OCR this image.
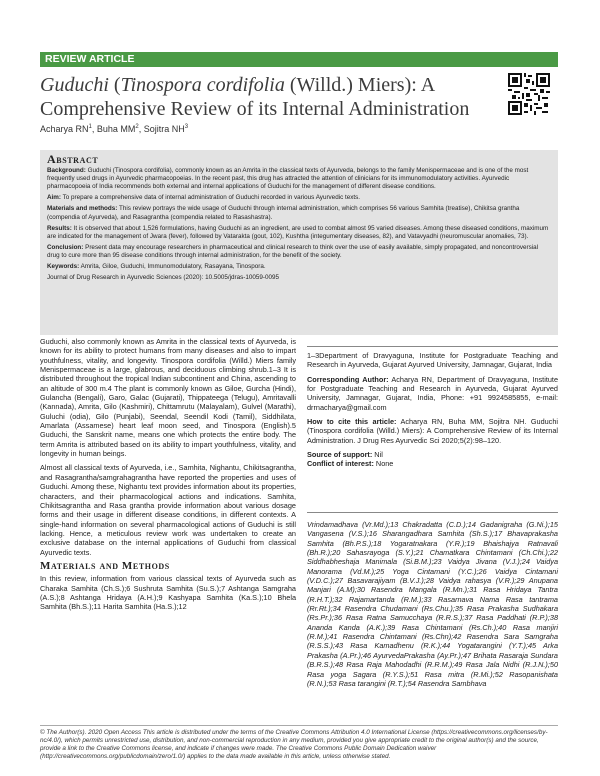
REVIEW ARTICLE
Guduchi (Tinospora cordifolia (Willd.) Miers): A
Comprehensive Review of its Internal Administration
Acharya $RN^1$, Buha $MM^2$, Sojitra $NH^3$
Abstract

Background: Guduchi (Tinospora cordifolia), commonly known as an Amrita in the classical texts of Ayurveda, belongs to the family Menispermaceae and is one of the most frequently used drugs in Ayurvedic pharmacopoeias. In the recent past, this drug has attracted the attention of clinicians for its immunomodulatory activities. Ayurvedic pharmacopoeia of India recommends both external and internal applications of Guduchi for the management of different disease conditions.

Aim: To prepare a comprehensive data of internal administration of Guduchi recorded in various Ayurvedic texts.

Materials and methods: This review portrays the wide usage of Guduchi through internal administration, which comprises 56 various Samhita (treatise), Chikitsa grantha (compendia of Ayurveda), and Rasagrantha (compendia related to Rasashastra).

Results: It is observed that about 1,526 formulations, having Guduchi as an ingredient, are used to combat almost 95 varied diseases. Among these diseased conditions, maximum are indicated for the management of Jwara (fever), followed by Vatarakta (gout, 102), Kushtha (integumentary diseases, 82), and Vatavyadhi (neuromuscular anomalies, 73).

Conclusion: Present data may encourage researchers in pharmaceutical and clinical research to think over the use of easily available, simply propagated, and noncontroversial drug to cure more than 95 disease conditions through internal administration, for the benefit of the society.

Keywords: Amrita, Giloe, Guduchi, Immunomodulatory, Rasayana, Tinospora.

Journal of Drug Research in Ayurvedic Sciences (2020): 10.5005/jdras-10059-0095

Guduchi, also commonly known as Amrita in the classical texts of Ayurveda, is known for its ability to protect humans from many diseases and also to impart youthfulness, vitality, and longevity. Tinospora cordifolia (Willd.) Miers family Menispermaceae is a large, glabrous, and deciduous climbing shrub.1–3 It is distributed throughout the tropical Indian subcontinent and China, ascending to an altitude of 300 m.4 The plant is commonly known as Giloe, Gurcha (Hindi), Gulancha (Bengali), Garo, Galac (Gujarati), Thippateega (Telugu), Amritavalli (Kannada), Amrita, Gilo (Kashmiri), Chittamrutu (Malayalam), Gulvel (Marathi), Guluchi (odia), Gilo (Punjabi), Seendal, Seendil Kodi (Tamil), Siddhilata, Amarlata (Assamese) heart leaf moon seed, and Tinospora (English).5 Guduchi, the Sanskrit name, means one which protects the entire body. The term Amrita is attributed based on its ability to impart youthfulness, vitality, and longevity in human beings.

Almost all classical texts of Ayurveda, i.e., Samhita, Nighantu, Chikitsagrantha, and Rasagrantha/samgrahagrantha have reported the properties and uses of Guduchi. Among these, Nighantu text provides information about its properties, characters, and their pharmacological actions and indications. Samhita, Chikitsagrantha and Rasa grantha provide information about various dosage forms and their usage in different disease conditions, in different contexts. A single-hand information on several pharmacological actions of Guduchi is still lacking. Hence, a meticulous review work was undertaken to create an exclusive database on the internal applications of Guduchi from classical Ayurvedic texts.

Materials and Methods

In this review, information from various classical texts of Ayurveda such as Charaka Samhita (Ch.S.);6 Sushruta Samhita (Su.S.);7 Ashtanga Samgraha (A.S.);8 Ashtanga Hridaya (A.H.);9 Kashyapa Samhita (Ka.S.);10 Bhela Samhita (Bh.S.);11 Harita Samhita (Ha.S.);12

1–3Department of Dravyaguna, Institute for Postgraduate Teaching and Research in Ayurveda, Gujarat Ayurved University, Jamnagar, Gujarat, India

Corresponding Author: Acharya RN, Department of Dravyaguna, Institute for Postgraduate Teaching and Research in Ayurveda, Gujarat Ayurved University, Jamnagar, Gujarat, India, Phone: +91 9924585855, e-mail: drrnacharya@gmail.com

How to cite this article: Acharya RN, Buha MM, Sojitra NH. Guduchi (Tinospora cordifolia (Willd.) Miers): A Comprehensive Review of its Internal Administration. J Drug Res Ayurvedic Sci 2020;5(2):98–120.

Source of support: Nil

Conflict of interest: None

Vrindamadhava (Vr.Md.);13 Chakradatta (C.D.);14 Gadanigraha (G.Ni.);15 Vangasena (V.S.);16 Sharangadhara Samhita (Sh.S.);17 Bhavaprakasha Samhita (Bh.P.S.);18 Yogaratnakara (Y.R.);19 Bhaishajya Ratnavali (Bh.R.);20 Sahasrayoga (S.Y.);21 Chamatkara Chintamani (Ch.Chi.);22 Siddhabheshaja Manimala (Si.B.M.);23 Vaidya Jivana (V.J.);24 Vaidya Manorama (Vd.M.);25 Yoga Cintamani (Y.C.);26 Vaidya Cintamani (V.D.C.);27 Basavarajiyam (B.V.J.);28 Vaidya rahasya (V.R.);29 Anupana Manjari (A.M);30 Rasendra Mangala (R.Mn.);31 Rasa Hridaya Tantra (R.H.T.);32 Rajamartanda (R.M.);33 Rasarnava Nama Rasa tantrama (Rr.Rt.);34 Rasendra Chudamani (Rs.Chu.);35 Rasa Prakasha Sudhakara (Rs.Pr.);36 Rasa Ratna Samucchaya (R.R.S.);37 Rasa Paddhati (R.P.);38 Ananda Kanda (A.K.);39 Rasa Chintamani (Rs.Ch.);40 Rasa manjiri (R.M.);41 Rasendra Chintamani (Rs.Chn);42 Rasendra Sara Samgraha (R.S.S.);43 Rasa Kamadhenu (R.K.);44 Yogatarangini (Y.T.);45 Arka Prakasha (A.Pr.);46 AyurvedaPrakasha (Ay.Pr.);47 Brihata Rasaraja Sundara (B.R.S.);48 Rasa Raja Mahodadhi (R.R.M.);49 Rasa Jala Nidhi (R.J.N.);50 Rasa yoga Sagara (R.Y.S.);51 Rasa mitra (R.Mi.);52 Rasopanishata (R.N.);53 Rasa tarangini (R.T.);54 Rasendra Sambhava

© The Author(s). 2020 Open Access This article is distributed under the terms of the Creative Commons Attribution 4.0 International License (https://creativecommons.org/licenses/by-nc/4.0/), which permits unrestricted use, distribution, and non-commercial reproduction in any medium, provided you give appropriate credit to the original author(s) and the source, provide a link to the Creative Commons license, and indicate if changes were made. The Creative Commons Public Domain Dedication waiver (http://creativecommons.org/publicdomain/zero/1.0/) applies to the data made available in this article, unless otherwise stated.
